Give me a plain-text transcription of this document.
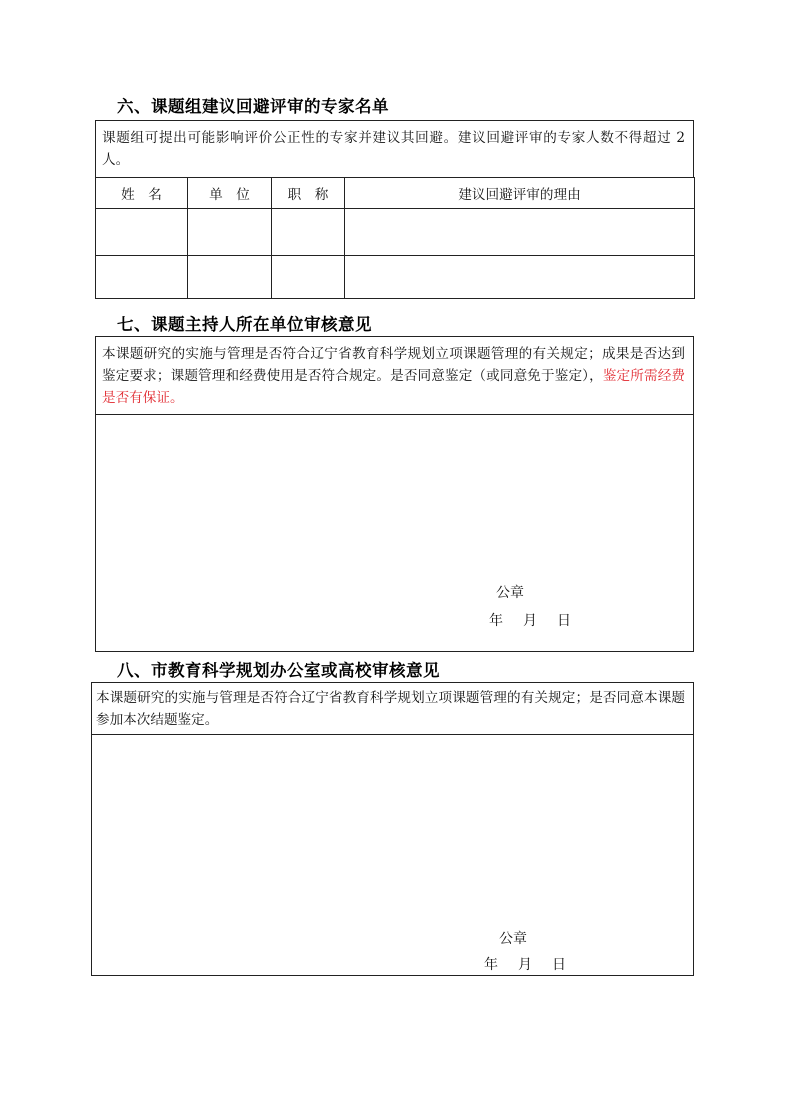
六、课题组建议回避评审的专家名单
课题组可提出可能影响评价公正性的专家并建议其回避。建议回避评审的专家人数不得超过 2 人。
姓　名	单　位	职　称	建议回避评审的理由

七、课题主持人所在单位审核意见
本课题研究的实施与管理是否符合辽宁省教育科学规划立项课题管理的有关规定；成果是否达到鉴定要求；课题管理和经费使用是否符合规定。是否同意鉴定（或同意免于鉴定），鉴定所需经费是否有保证。
公章
年 月 日
八、市教育科学规划办公室或高校审核意见
本课题研究的实施与管理是否符合辽宁省教育科学规划立项课题管理的有关规定；是否同意本课题参加本次结题鉴定。
公章
年 月 日
